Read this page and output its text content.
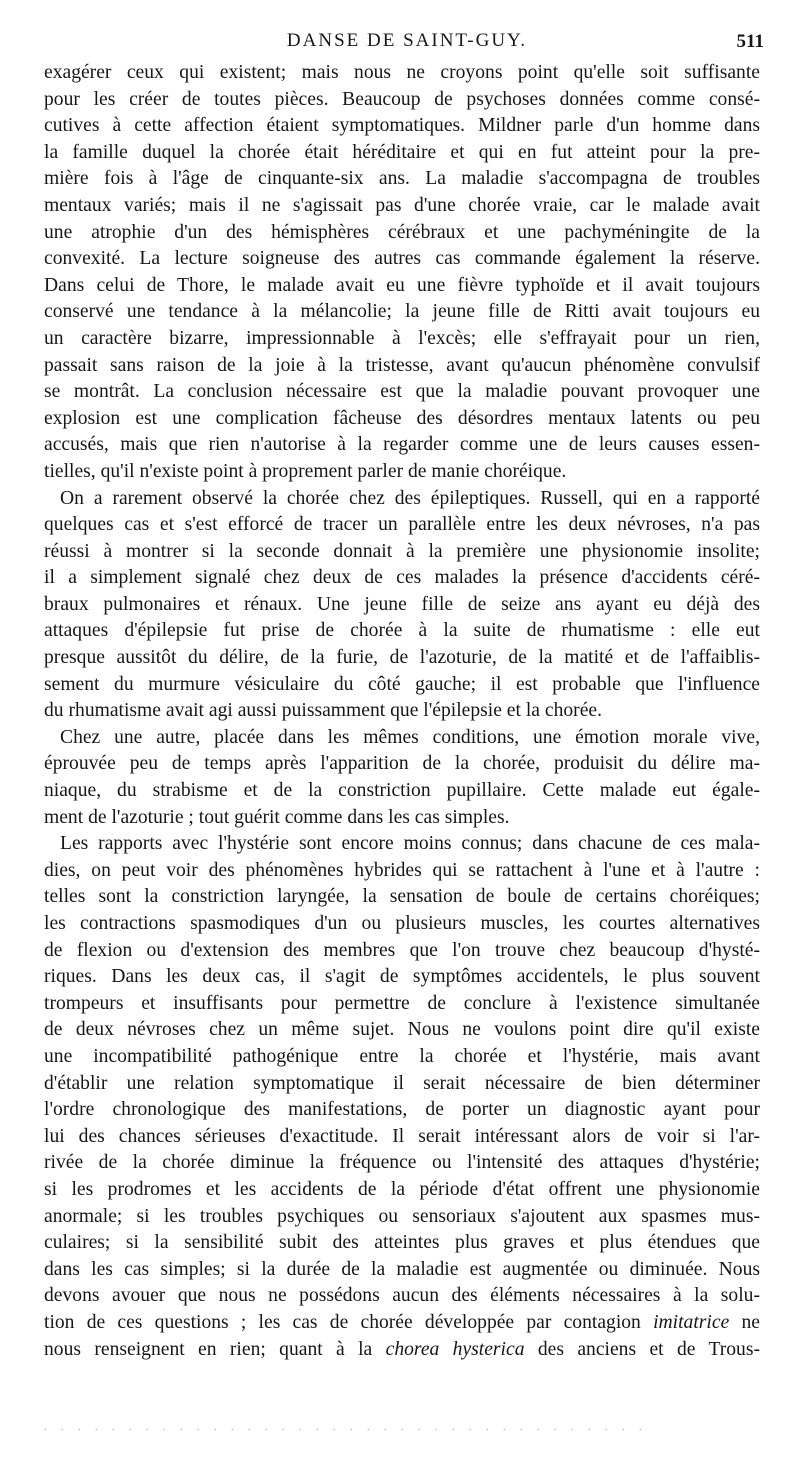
DANSE DE SAINT-GUY.	511
exagérer ceux qui existent; mais nous ne croyons point qu'elle soit suffisante
pour les créer de toutes pièces. Beaucoup de psychoses données comme consé-
cutives à cette affection étaient symptomatiques. Mildner parle d'un homme dans
la famille duquel la chorée était héréditaire et qui en fut atteint pour la pre-
mière fois à l'âge de cinquante-six ans. La maladie s'accompagna de troubles
mentaux variés; mais il ne s'agissait pas d'une chorée vraie, car le malade avait
une atrophie d'un des hémisphères cérébraux et une pachyméningite de la
convexité. La lecture soigneuse des autres cas commande également la réserve.
Dans celui de Thore, le malade avait eu une fièvre typhoïde et il avait toujours
conservé une tendance à la mélancolie; la jeune fille de Ritti avait toujours eu
un caractère bizarre, impressionnable à l'excès; elle s'effrayait pour un rien,
passait sans raison de la joie à la tristesse, avant qu'aucun phénomène convulsif
se montrât. La conclusion nécessaire est que la maladie pouvant provoquer une
explosion est une complication fâcheuse des désordres mentaux latents ou peu
accusés, mais que rien n'autorise à la regarder comme une de leurs causes essen-
tielles, qu'il n'existe point à proprement parler de manie choréique.
On a rarement observé la chorée chez des épileptiques. Russell, qui en a rapporté
quelques cas et s'est efforcé de tracer un parallèle entre les deux névroses, n'a pas
réussi à montrer si la seconde donnait à la première une physionomie insolite;
il a simplement signalé chez deux de ces malades la présence d'accidents céré-
braux pulmonaires et rénaux. Une jeune fille de seize ans ayant eu déjà des
attaques d'épilepsie fut prise de chorée à la suite de rhumatisme : elle eut
presque aussitôt du délire, de la furie, de l'azoturie, de la matité et de l'affaiblis-
sement du murmure vésiculaire du côté gauche; il est probable que l'influence
du rhumatisme avait agi aussi puissamment que l'épilepsie et la chorée.
Chez une autre, placée dans les mêmes conditions, une émotion morale vive,
éprouvée peu de temps après l'apparition de la chorée, produisit du délire ma-
niaque, du strabisme et de la constriction pupillaire. Cette malade eut égale-
ment de l'azoturie ; tout guérit comme dans les cas simples.
Les rapports avec l'hystérie sont encore moins connus; dans chacune de ces mala-
dies, on peut voir des phénomènes hybrides qui se rattachent à l'une et à l'autre :
telles sont la constriction laryngée, la sensation de boule de certains choréiques;
les contractions spasmodiques d'un ou plusieurs muscles, les courtes alternatives
de flexion ou d'extension des membres que l'on trouve chez beaucoup d'hysté-
riques. Dans les deux cas, il s'agit de symptômes accidentels, le plus souvent
trompeurs et insuffisants pour permettre de conclure à l'existence simultanée
de deux névroses chez un même sujet. Nous ne voulons point dire qu'il existe
une incompatibilité pathogénique entre la chorée et l'hystérie, mais avant
d'établir une relation symptomatique il serait nécessaire de bien déterminer
l'ordre chronologique des manifestations, de porter un diagnostic ayant pour
lui des chances sérieuses d'exactitude. Il serait intéressant alors de voir si l'ar-
rivée de la chorée diminue la fréquence ou l'intensité des attaques d'hystérie;
si les prodromes et les accidents de la période d'état offrent une physionomie
anormale; si les troubles psychiques ou sensoriaux s'ajoutent aux spasmes mus-
culaires; si la sensibilité subit des atteintes plus graves et plus étendues que
dans les cas simples; si la durée de la maladie est augmentée ou diminuée. Nous
devons avouer que nous ne possédons aucun des éléments nécessaires à la solu-
tion de ces questions ; les cas de chorée développée par contagion imitatrice ne
nous renseignent en rien; quant à la chorea hysterica des anciens et de Trous-
. . . . . . . . . . . . . . . . . . . . . . . . . . . . . . . . . . . .
